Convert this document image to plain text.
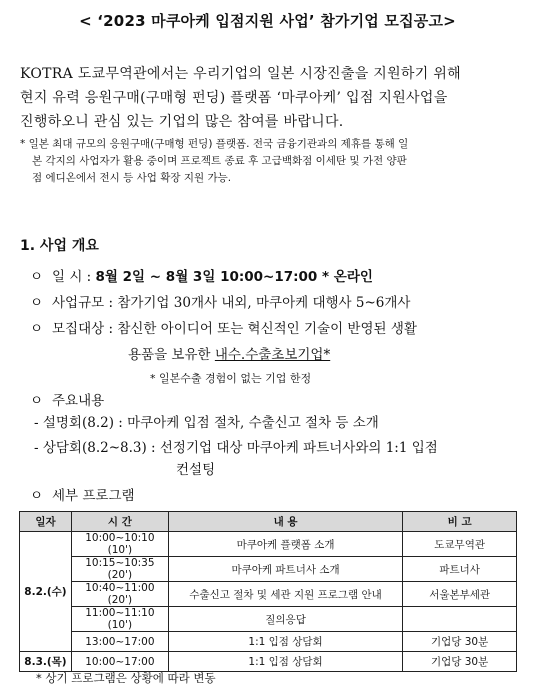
< ‘2023 마쿠아케 입점지원 사업’ 참가기업 모집공고>
KOTRA 도쿄무역관에서는 우리기업의 일본 시장진출을 지원하기 위해
현지 유력 응원구매(구매형 펀딩) 플랫폼 ‘마쿠아케’ 입점 지원사업을
진행하오니 관심 있는 기업의 많은 참여를 바랍니다.
* 일본 최대 규모의 응원구매(구매형 펀딩) 플랫폼. 전국 금융기관과의 제휴를 통해 일
본 각지의 사업자가 활용 중이며 프로젝트 종료 후 고급백화점 이세탄 및 가전 양판
점 에디온에서 전시 등 사업 확장 지원 가능.
1. 사업 개요
ㅇ 일 시 : 8월 2일 ~ 8월 3일 10:00~17:00 * 온라인
ㅇ 사업규모 : 참가기업 30개사 내외, 마쿠아케 대행사 5~6개사
ㅇ 모집대상 : 참신한 아이디어 또는 혁신적인 기술이 반영된 생활
용품을 보유한 내수.수출초보기업*
* 일본수출 경험이 없는 기업 한정
ㅇ 주요내용
- 설명회(8.2) : 마쿠아케 입점 절차, 수출신고 절차 등 소개
- 상담회(8.2~8.3) : 선정기업 대상 마쿠아케 파트너사와의 1:1 입점
컨설팅
ㅇ 세부 프로그램
일자	시 간	내 용	비 고
8.2.(수)	10:00~10:10 (10')	마쿠아케 플랫폼 소개	도쿄무역관
	10:15~10:35 (20')	마쿠아케 파트너사 소개	파트너사
	10:40~11:00 (20')	수출신고 절차 및 세관 지원 프로그램 안내	서울본부세관
	11:00~11:10 (10')	질의응답	
	13:00~17:00	1:1 입점 상담회	기업당 30분
8.3.(목)	10:00~17:00	1:1 입점 상담회	기업당 30분
* 상기 프로그램은 상황에 따라 변동
